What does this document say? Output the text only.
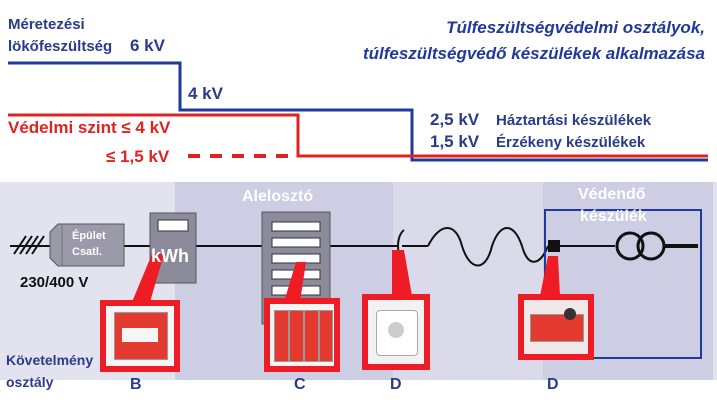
Túlfeszültségvédelmi osztályok,
túlfeszültségvédő készülékek alkalmazása
Méretezési
lökőfeszültség 6 kV
4 kV
Védelmi szint ≤ 4 kV
≤ 1,5 kV
2,5 kV Háztartási készülékek
1,5 kV Érzékeny készülékek
Alelosztó	Védendő
készülék
Épület
Csatl.	kWh
230/400 V
Követelmény
osztály	B	C	D	D
